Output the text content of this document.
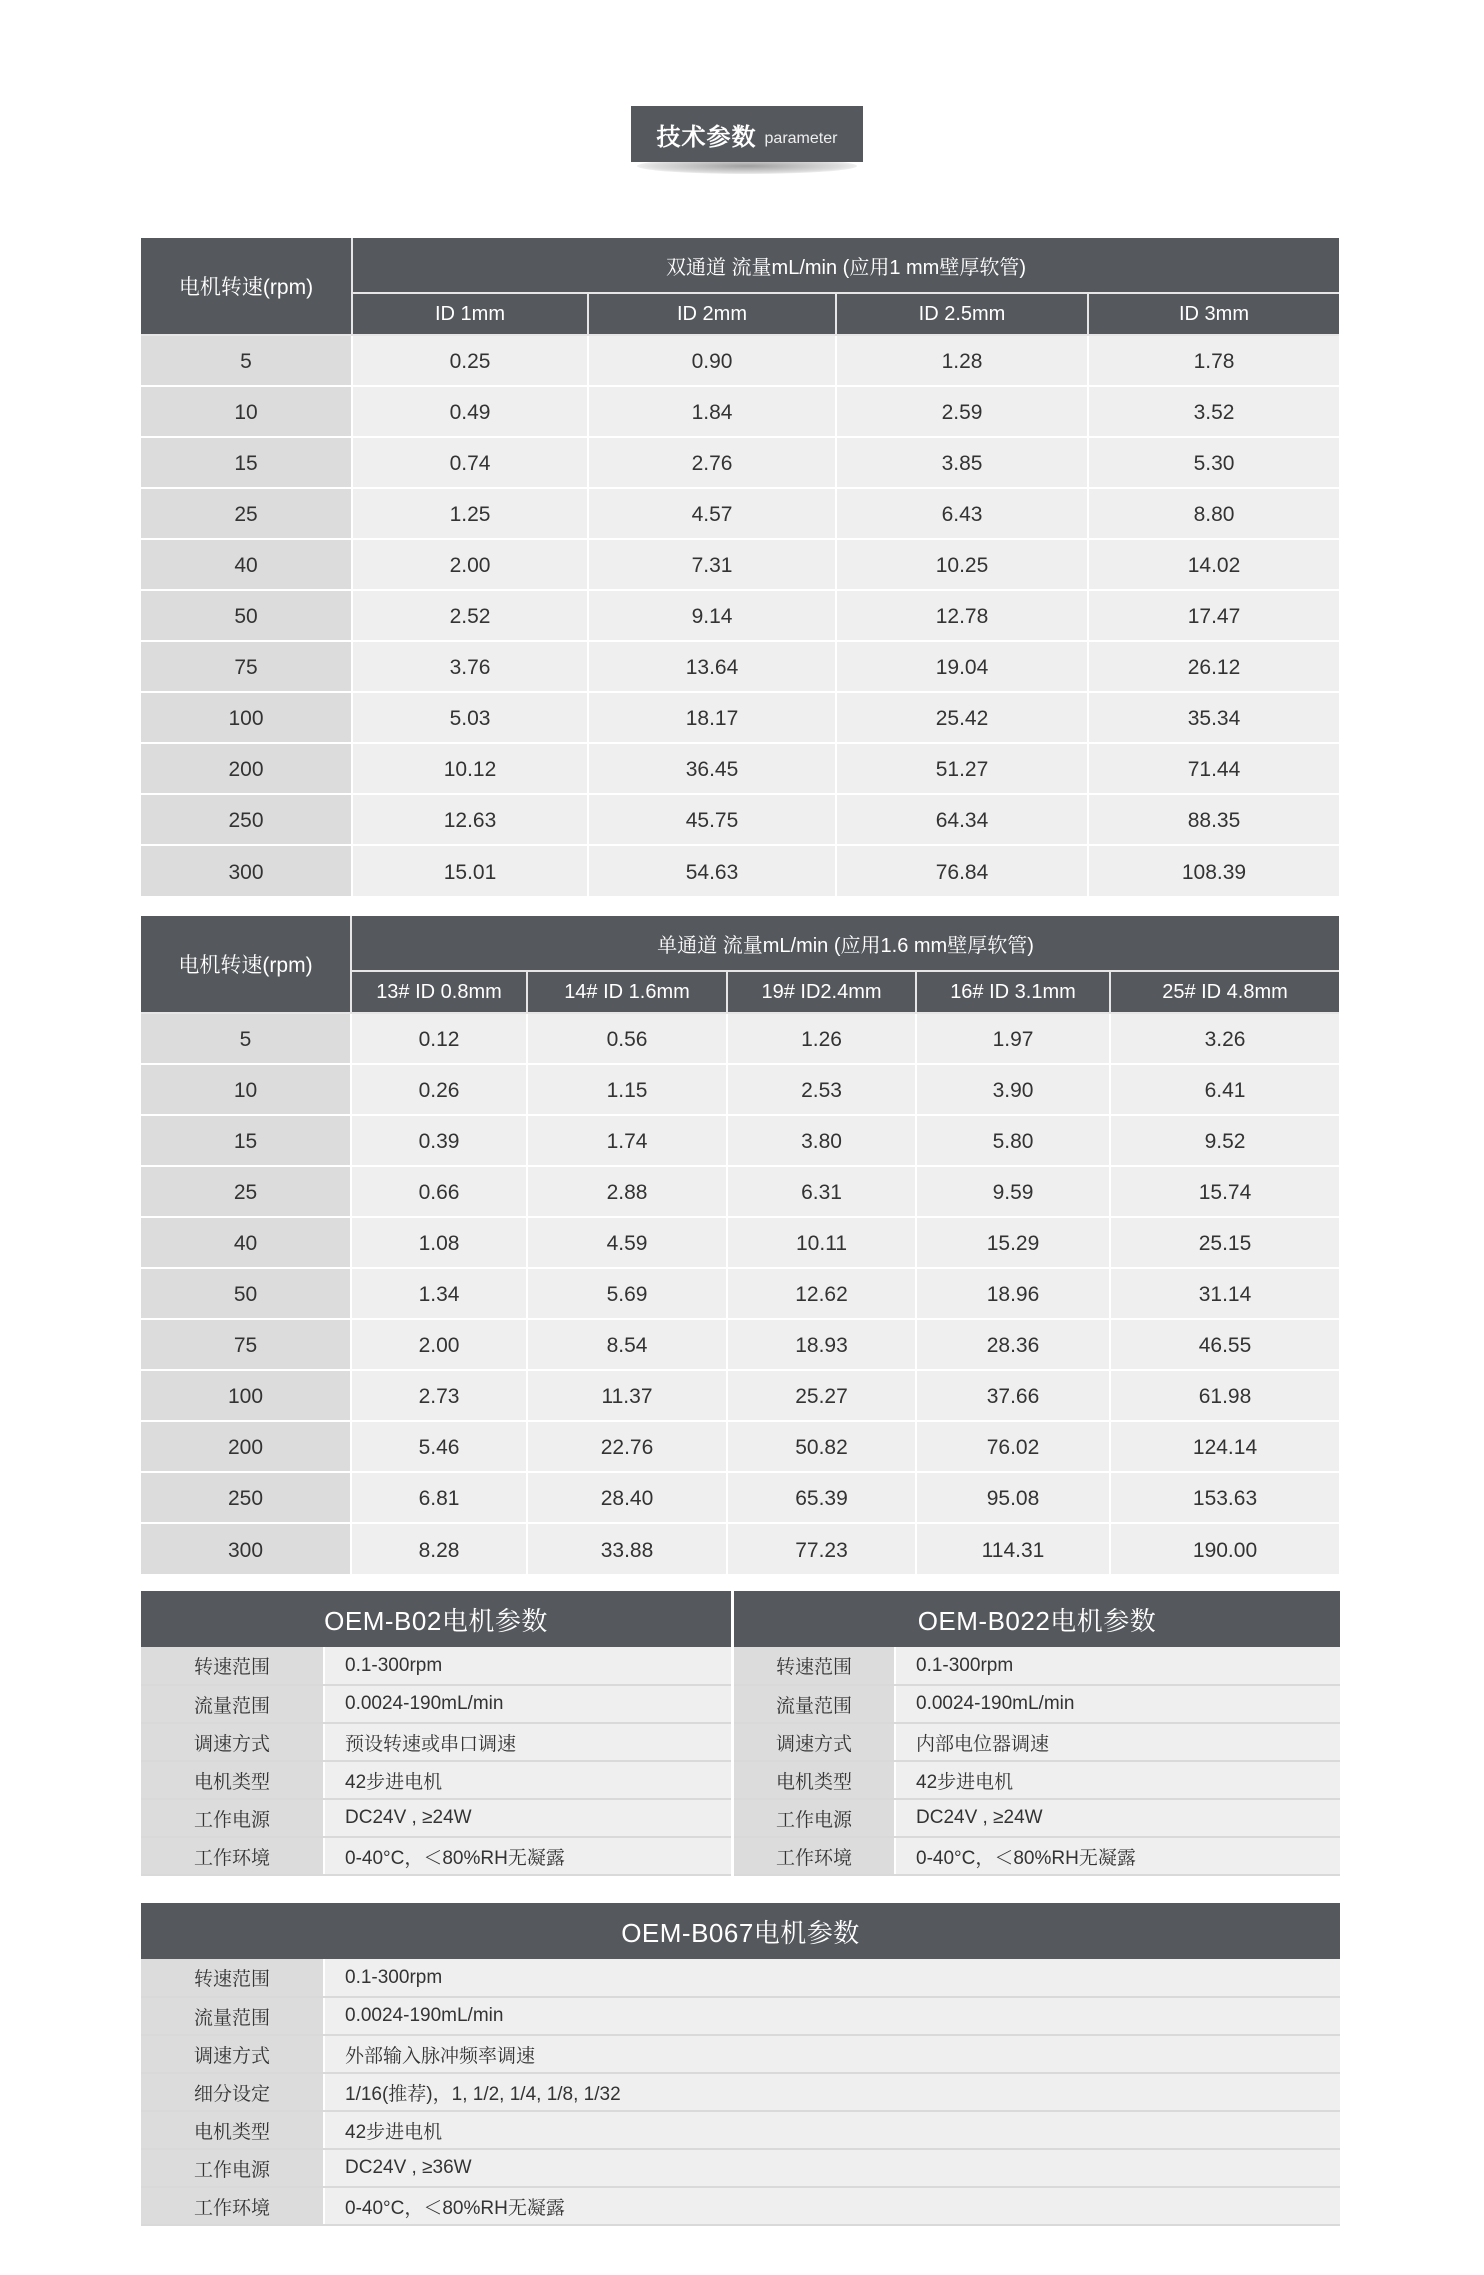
技术参数 parameter
电机转速(rpm)	双通道 流量mL/min (应用1 mm壁厚软管)			
	ID 1mm	ID 2mm	ID 2.5mm	ID 3mm
5	0.25	0.90	1.28	1.78
10	0.49	1.84	2.59	3.52
15	0.74	2.76	3.85	5.30
25	1.25	4.57	6.43	8.80
40	2.00	7.31	10.25	14.02
50	2.52	9.14	12.78	17.47
75	3.76	13.64	19.04	26.12
100	5.03	18.17	25.42	35.34
200	10.12	36.45	51.27	71.44
250	12.63	45.75	64.34	88.35
300	15.01	54.63	76.84	108.39
电机转速(rpm)	单通道 流量mL/min (应用1.6 mm壁厚软管)				
	13# ID 0.8mm	14# ID 1.6mm	19# ID2.4mm	16# ID 3.1mm	25# ID 4.8mm
5	0.12	0.56	1.26	1.97	3.26
10	0.26	1.15	2.53	3.90	6.41
15	0.39	1.74	3.80	5.80	9.52
25	0.66	2.88	6.31	9.59	15.74
40	1.08	4.59	10.11	15.29	25.15
50	1.34	5.69	12.62	18.96	31.14
75	2.00	8.54	18.93	28.36	46.55
100	2.73	11.37	25.27	37.66	61.98
200	5.46	22.76	50.82	76.02	124.14
250	6.81	28.40	65.39	95.08	153.63
300	8.28	33.88	77.23	114.31	190.00
OEM-B02电机参数	
转速范围	0.1-300rpm
流量范围	0.0024-190mL/min
调速方式	预设转速或串口调速
电机类型	42步进电机
工作电源	DC24V , ≥24W
工作环境	0-40°C，＜80%RH无凝露
OEM-B022电机参数	
转速范围	0.1-300rpm
流量范围	0.0024-190mL/min
调速方式	内部电位器调速
电机类型	42步进电机
工作电源	DC24V , ≥24W
工作环境	0-40°C，＜80%RH无凝露
OEM-B067电机参数	
转速范围	0.1-300rpm
流量范围	0.0024-190mL/min
调速方式	外部输入脉冲频率调速
细分设定	1/16(推荐)，1, 1/2, 1/4, 1/8, 1/32
电机类型	42步进电机
工作电源	DC24V , ≥36W
工作环境	0-40°C，＜80%RH无凝露
